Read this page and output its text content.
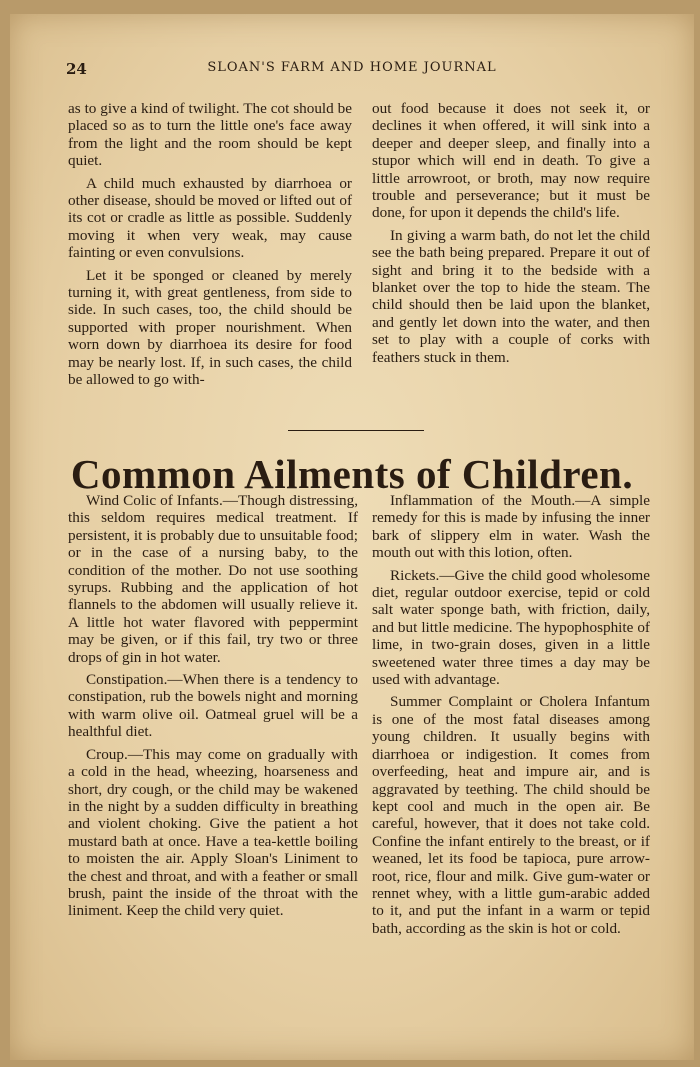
24	SLOAN'S FARM AND HOME JOURNAL

as to give a kind of twilight. The cot should be placed so as to turn the little one's face away from the light and the room should be kept quiet.

A child much exhausted by diarrhoea or other disease, should be moved or lifted out of its cot or cradle as little as possible. Suddenly moving it when very weak, may cause fainting or even convulsions.

Let it be sponged or cleaned by merely turning it, with great gentleness, from side to side. In such cases, too, the child should be supported with proper nourishment. When worn down by diarrhoea its desire for food may be nearly lost. If, in such cases, the child be allowed to go with-

out food because it does not seek it, or declines it when offered, it will sink into a deeper and deeper sleep, and finally into a stupor which will end in death. To give a little arrowroot, or broth, may now require trouble and perseverance; but it must be done, for upon it depends the child's life.

In giving a warm bath, do not let the child see the bath being prepared. Prepare it out of sight and bring it to the bedside with a blanket over the top to hide the steam. The child should then be laid upon the blanket, and gently let down into the water, and then set to play with a couple of corks with feathers stuck in them.

Common Ailments of Children.

Wind Colic of Infants.—Though distressing, this seldom requires medical treatment. If persistent, it is probably due to unsuitable food; or in the case of a nursing baby, to the condition of the mother. Do not use soothing syrups. Rubbing and the application of hot flannels to the abdomen will usually relieve it. A little hot water flavored with peppermint may be given, or if this fail, try two or three drops of gin in hot water.

Constipation.—When there is a tendency to constipation, rub the bowels night and morning with warm olive oil. Oatmeal gruel will be a healthful diet.

Croup.—This may come on gradually with a cold in the head, wheezing, hoarseness and short, dry cough, or the child may be wakened in the night by a sudden difficulty in breathing and violent choking. Give the patient a hot mustard bath at once. Have a tea-kettle boiling to moisten the air. Apply Sloan's Liniment to the chest and throat, and with a feather or small brush, paint the inside of the throat with the liniment. Keep the child very quiet.

Inflammation of the Mouth.—A simple remedy for this is made by infusing the inner bark of slippery elm in water. Wash the mouth out with this lotion, often.

Rickets.—Give the child good wholesome diet, regular outdoor exercise, tepid or cold salt water sponge bath, with friction, daily, and but little medicine. The hypophosphite of lime, in two-grain doses, given in a little sweetened water three times a day may be used with advantage.

Summer Complaint or Cholera Infantum is one of the most fatal diseases among young children. It usually begins with diarrhoea or indigestion. It comes from overfeeding, heat and impure air, and is aggravated by teething. The child should be kept cool and much in the open air. Be careful, however, that it does not take cold. Confine the infant entirely to the breast, or if weaned, let its food be tapioca, pure arrow-root, rice, flour and milk. Give gum-water or rennet whey, with a little gum-arabic added to it, and put the infant in a warm or tepid bath, according as the skin is hot or cold.
